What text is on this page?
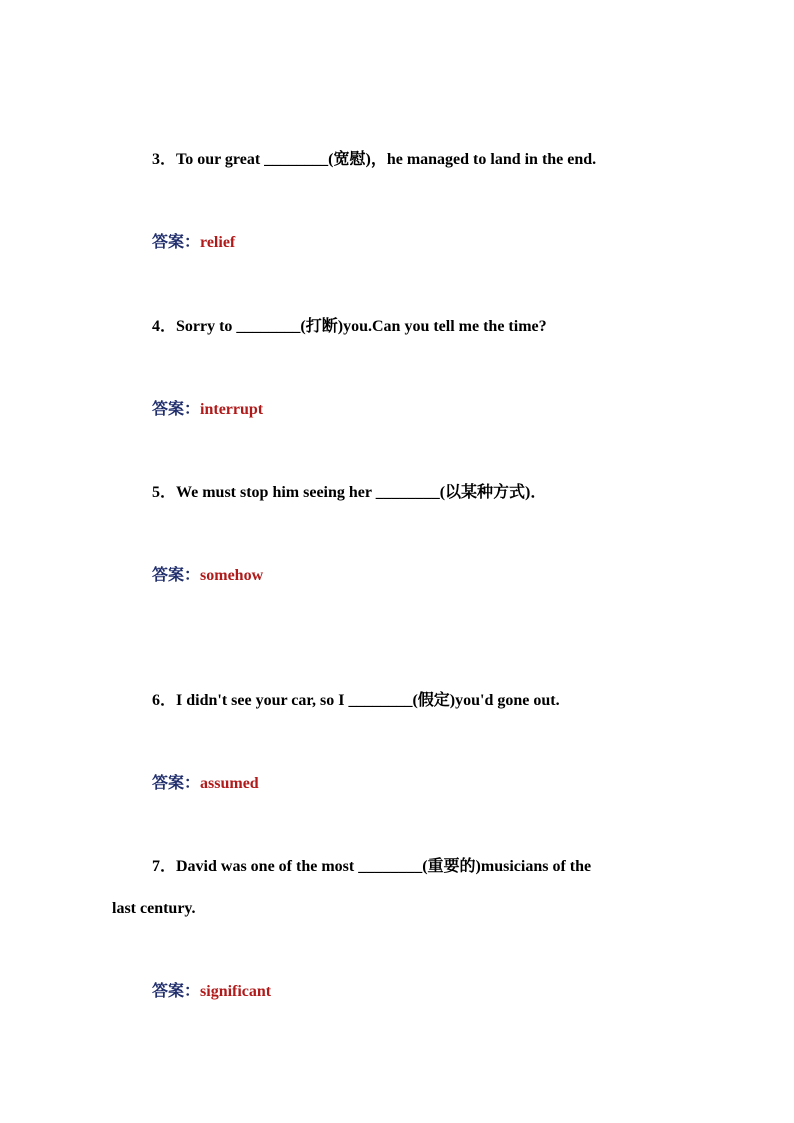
3．To our great ________(宽慰)，he managed to land in the end.
答案：relief
4．Sorry to ________(打断)you.Can you tell me the time?
答案：interrupt
5．We must stop him seeing her ________(以某种方式)．
答案：somehow
6．I didn't see your car, so I ________(假定)you'd gone out.
答案：assumed
7．David was one of the most ________(重要的)musicians of the
last century.
答案：significant
